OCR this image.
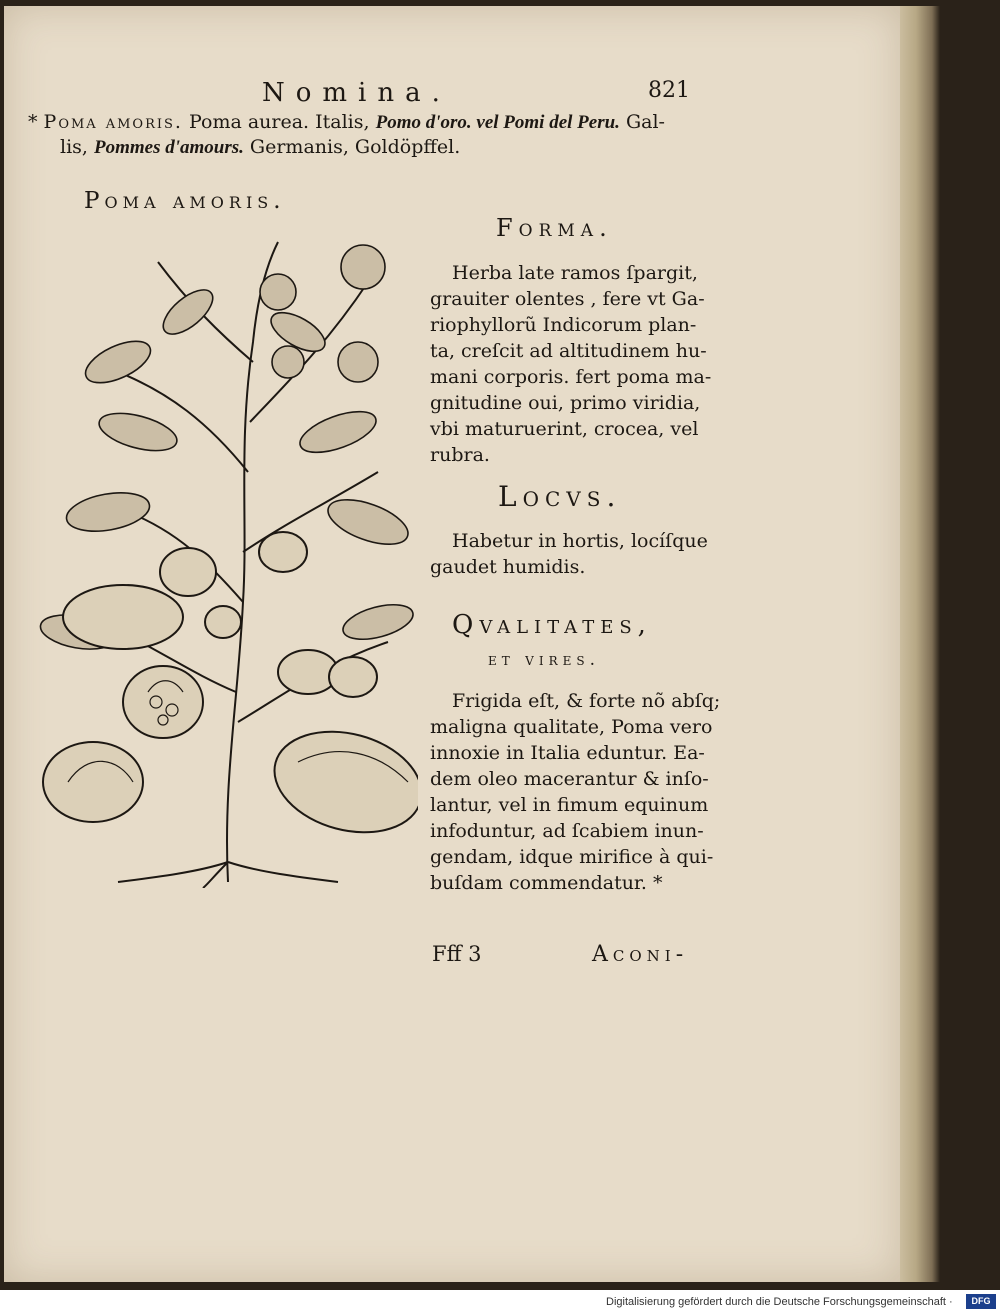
Nomina.	821
* Poma amoris. Poma aurea. Italis, Pomo d'oro. vel Pomi del Peru. Gal-
lis, Pommes d'amours. Germanis, Goldöpffel.
Poma amoris.
Forma.
Herba late ramos ſpargit,
grauiter olentes , fere vt Ga-
riophyllorũ Indicorum plan-
ta, creſcit ad altitudinem hu-
mani corporis. fert poma ma-
gnitudine oui, primo viridia,
vbi maturuerint, crocea, vel
rubra.
Locvs.
Habetur in hortis, locíſque
gaudet humidis.
Qvalitates,
et vires.
Frigida eſt, & forte nõ abſq;
maligna qualitate, Poma vero
innoxie in Italia eduntur. Ea-
dem oleo macerantur & inſo-
lantur, vel in fimum equinum
infoduntur, ad ſcabiem inun-
gendam, idque mirifice à qui-
buſdam commendatur. *
Fff 3	Aconi-
Digitalisierung gefördert durch die Deutsche Forschungsgemeinschaft ·	DFG
